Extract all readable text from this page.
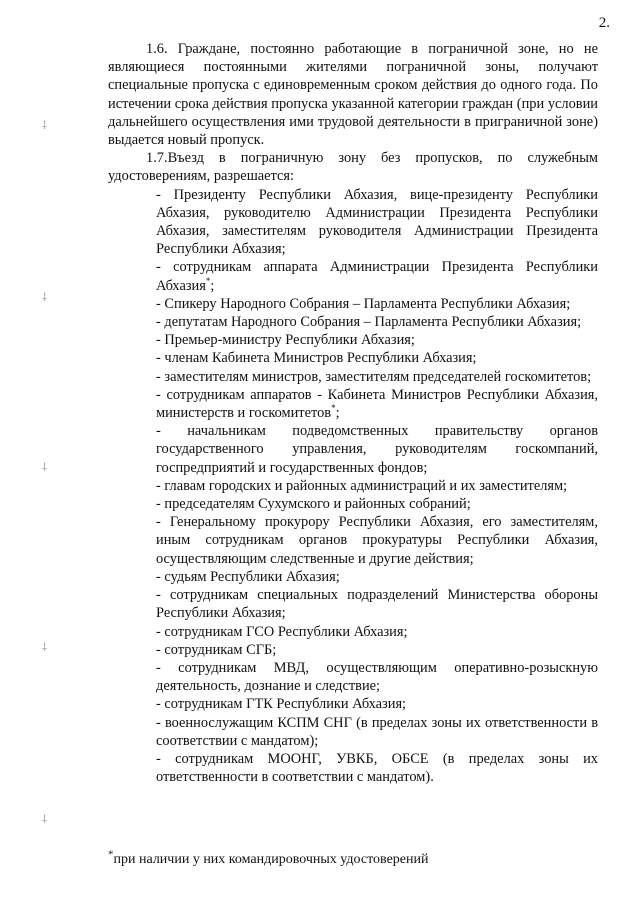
2.

1.6. Граждане, постоянно работающие в пограничной зоне, но не являющиеся постоянными жителями пограничной зоны, получают специальные пропуска с единовременным сроком действия до одного года. По истечении срока действия пропуска указанной категории граждан (при условии дальнейшего осуществления ими трудовой деятельности в приграничной зоне) выдается новый пропуск.

1.7.Въезд в пограничную зону без пропусков, по служебным удостоверениям, разрешается:

- Президенту Республики Абхазия, вице-президенту Республики Абхазия, руководителю Администрации Президента Республики Абхазия, заместителям руководителя Администрации Президента Республики Абхазия;
- сотрудникам аппарата Администрации Президента Республики Абхазия*;
- Спикеру Народного Собрания – Парламента Республики Абхазия;
- депутатам Народного Собрания – Парламента Республики Абхазия;
- Премьер-министру Республики Абхазия;
- членам Кабинета Министров Республики Абхазия;
- заместителям министров, заместителям председателей госкомитетов;
- сотрудникам аппаратов - Кабинета Министров Республики Абхазия, министерств и госкомитетов*;
- начальникам подведомственных правительству органов государственного управления, руководителям госкомпаний, госпредприятий и государственных фондов;
- главам городских и районных администраций и их заместителям;
- председателям Сухумского и районных собраний;
- Генеральному прокурору Республики Абхазия, его заместителям, иным сотрудникам органов прокуратуры Республики Абхазия, осуществляющим следственные и другие действия;
- судьям Республики Абхазия;
- сотрудникам специальных подразделений Министерства обороны Республики Абхазия;
- сотрудникам ГСО Республики Абхазия;
- сотрудникам СГБ;
- сотрудникам МВД, осуществляющим оперативно-розыскную деятельность, дознание и следствие;
- сотрудникам ГТК Республики Абхазия;
- военнослужащим КСПМ СНГ (в пределах зоны их ответственности в соответствии с мандатом);
- сотрудникам МООНГ, УВКБ, ОБСЕ (в пределах зоны их ответственности в соответствии с мандатом).
*при наличии у них командировочных удостоверений
⸸
⸸
⸸
⸸
⸸
